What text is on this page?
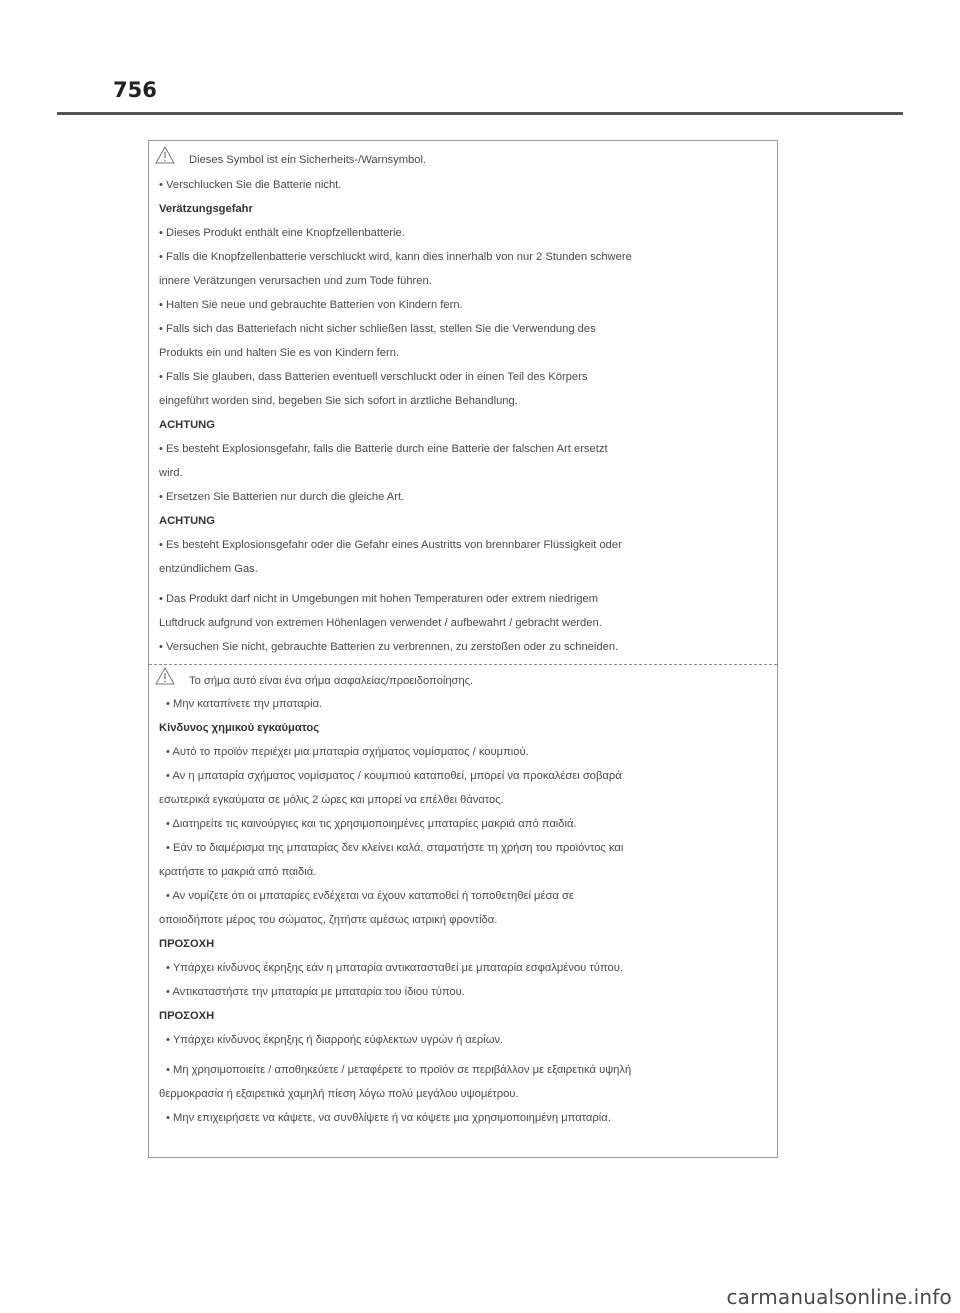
756
Dieses Symbol ist ein Sicherheits-/Warnsymbol.
• Verschlucken Sie die Batterie nicht.
Verätzungsgefahr
• Dieses Produkt enthält eine Knopfzellenbatterie.
• Falls die Knopfzellenbatterie verschluckt wird, kann dies innerhalb von nur 2 Stunden schwere
innere Verätzungen verursachen und zum Tode führen.
• Halten Sie neue und gebrauchte Batterien von Kindern fern.
• Falls sich das Batteriefach nicht sicher schließen lässt, stellen Sie die Verwendung des
Produkts ein und halten Sie es von Kindern fern.
• Falls Sie glauben, dass Batterien eventuell verschluckt oder in einen Teil des Körpers
eingeführt worden sind, begeben Sie sich sofort in ärztliche Behandlung.
ACHTUNG
• Es besteht Explosionsgefahr, falls die Batterie durch eine Batterie der falschen Art ersetzt
wird.
• Ersetzen Sie Batterien nur durch die gleiche Art.
ACHTUNG
• Es besteht Explosionsgefahr oder die Gefahr eines Austritts von brennbarer Flüssigkeit oder
entzündlichem Gas.
• Das Produkt darf nicht in Umgebungen mit hohen Temperaturen oder extrem niedrigem
Luftdruck aufgrund von extremen Höhenlagen verwendet / aufbewahrt / gebracht werden.
• Versuchen Sie nicht, gebrauchte Batterien zu verbrennen, zu zerstoßen oder zu schneiden.
Το σήμα αυτό είναι ένα σήμα ασφαλείας/προειδοποίησης.
• Μην καταπίνετε την μπαταρία.
Κίνδυνος χημικού εγκαύματος
• Αυτό το προϊόν περιέχει μια μπαταρία σχήματος νομίσματος / κουμπιού.
• Αν η μπαταρία σχήματος νομίσματος / κουμπιού καταποθεί, μπορεί να προκαλέσει σοβαρά
εσωτερικά εγκαύματα σε μόλις 2 ώρες και μπορεί να επέλθει θάνατος.
• Διατηρείτε τις καινούργιες και τις χρησιμοποιημένες μπαταρίες μακριά από παιδιά.
• Εάν το διαμέρισμα της μπαταρίας δεν κλείνει καλά, σταματήστε τη χρήση του προϊόντος και
κρατήστε το μακριά από παιδιά.
• Αν νομίζετε ότι οι μπαταρίες ενδέχεται να έχουν καταποθεί ή τοποθετηθεί μέσα σε
οποιοδήποτε μέρος του σώματος, ζητήστε αμέσως ιατρική φροντίδα.
ΠΡΟΣΟΧΗ
• Υπάρχει κίνδυνος έκρηξης εάν η μπαταρία αντικατασταθεί με μπαταρία εσφαλμένου τύπου.
• Αντικαταστήστε την μπαταρία με μπαταρία του ίδιου τύπου.
ΠΡΟΣΟΧΗ
• Υπάρχει κίνδυνος έκρηξης ή διαρροής εύφλεκτων υγρών ή αερίων.
• Μη χρησιμοποιείτε / αποθηκεύετε / μεταφέρετε το προϊόν σε περιβάλλον με εξαιρετικά υψηλή
θερμοκρασία ή εξαιρετικά χαμηλή πίεση λόγω πολύ μεγάλου υψομέτρου.
• Μην επιχειρήσετε να κάψετε, να συνθλίψετε ή να κόψετε μια χρησιμοποιημένη μπαταρία.
carmanualsonline.info
